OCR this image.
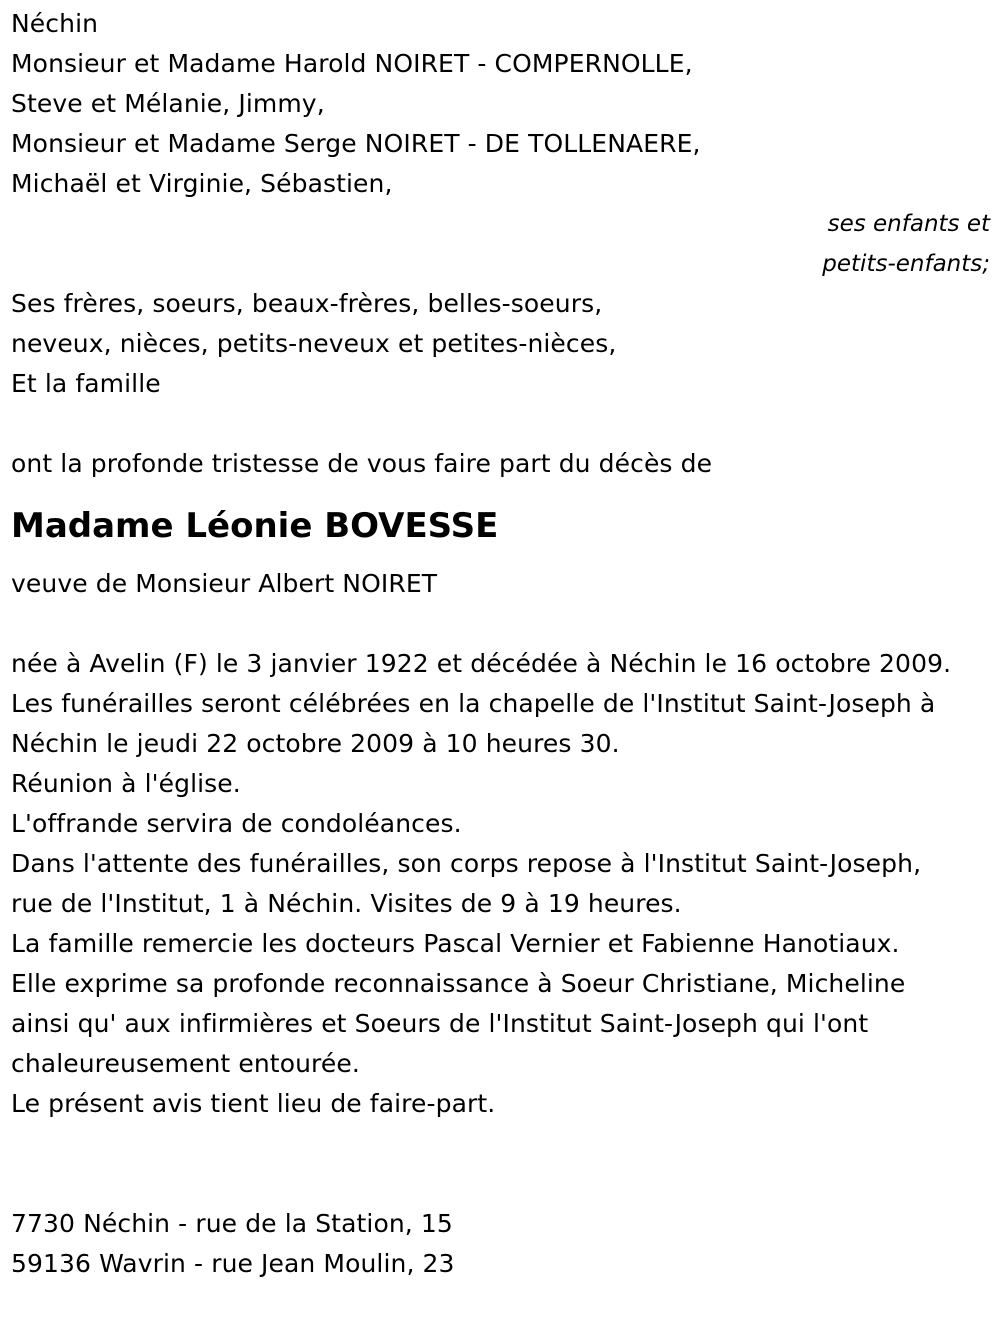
Néchin
Monsieur et Madame Harold NOIRET - COMPERNOLLE,
Steve et Mélanie, Jimmy,
Monsieur et Madame Serge NOIRET - DE TOLLENAERE,
Michaël et Virginie, Sébastien,
ses enfants et
petits-enfants;
Ses frères, soeurs, beaux-frères, belles-soeurs,
neveux, nièces, petits-neveux et petites-nièces,
Et la famille
ont la profonde tristesse de vous faire part du décès de
Madame Léonie BOVESSE
veuve de Monsieur Albert NOIRET
née à Avelin (F) le 3 janvier 1922 et décédée à Néchin le 16 octobre 2009.
Les funérailles seront célébrées en la chapelle de l'Institut Saint-Joseph à
Néchin le jeudi 22 octobre 2009 à 10 heures 30.
Réunion à l'église.
L'offrande servira de condoléances.
Dans l'attente des funérailles, son corps repose à l'Institut Saint-Joseph,
rue de l'Institut, 1 à Néchin. Visites de 9 à 19 heures.
La famille remercie les docteurs Pascal Vernier et Fabienne Hanotiaux.
Elle exprime sa profonde reconnaissance à Soeur Christiane, Micheline
ainsi qu' aux infirmières et Soeurs de l'Institut Saint-Joseph qui l'ont
chaleureusement entourée.
Le présent avis tient lieu de faire-part.
7730 Néchin - rue de la Station, 15
59136 Wavrin - rue Jean Moulin, 23
